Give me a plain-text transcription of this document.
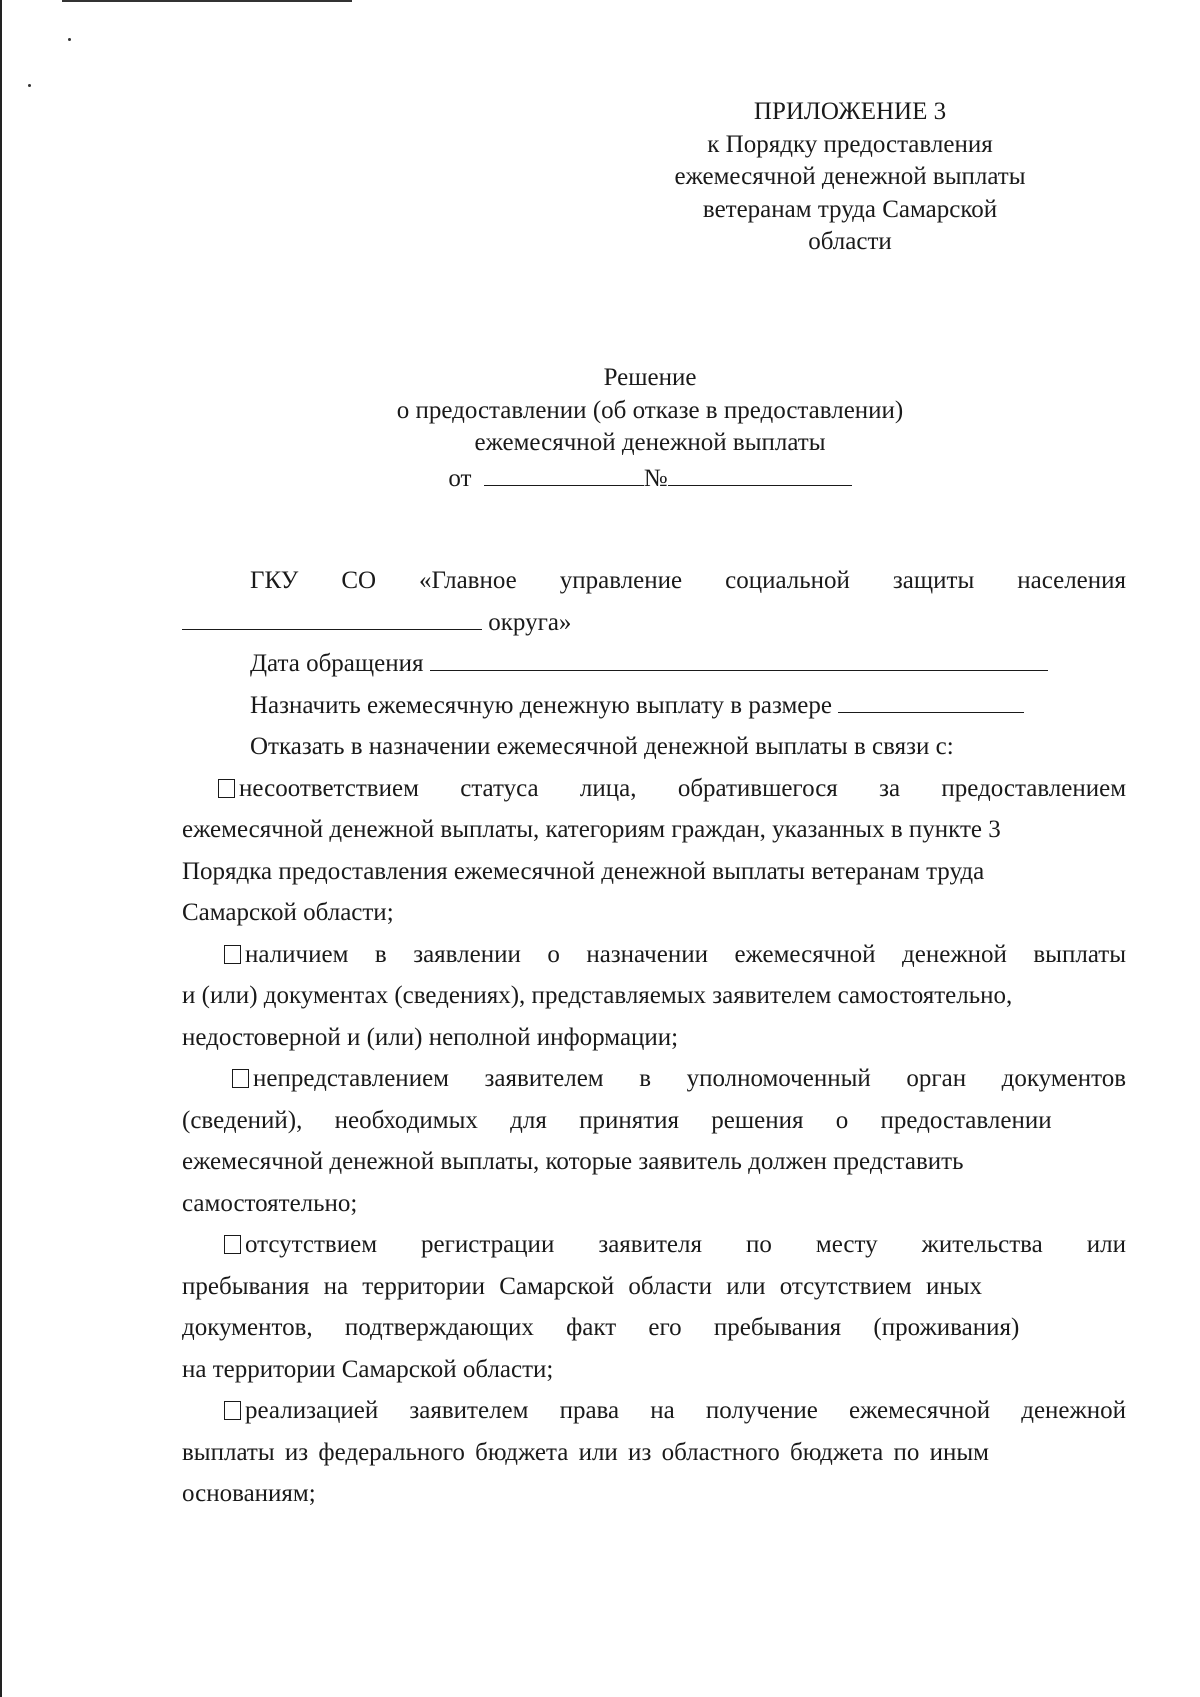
ПРИЛОЖЕНИЕ 3
к Порядку предоставления
ежемесячной денежной выплаты
ветеранам труда Самарской
области
Решение
о предоставлении (об отказе в предоставлении)
ежемесячной денежной выплаты
от	№
ГКУ СО «Главное управление социальной защиты населения
округа»
Дата обращения
Назначить ежемесячную денежную выплату в размере
Отказать в назначении ежемесячной денежной выплаты в связи с:
несоответствием статуса лица, обратившегося за предоставлением
ежемесячной денежной выплаты, категориям граждан, указанных в пункте 3
Порядка предоставления ежемесячной денежной выплаты ветеранам труда
Самарской области;
наличием в заявлении о назначении ежемесячной денежной выплаты
и (или) документах (сведениях), представляемых заявителем самостоятельно,
недостоверной и (или) неполной информации;
непредставлением заявителем в уполномоченный орган документов
(сведений), необходимых для принятия решения о предоставлении
ежемесячной денежной выплаты, которые заявитель должен представить
самостоятельно;
отсутствием регистрации заявителя по месту жительства или
пребывания на территории Самарской области или отсутствием иных
документов, подтверждающих факт его пребывания (проживания)
на территории Самарской области;
реализацией заявителем права на получение ежемесячной денежной
выплаты из федерального бюджета или из областного бюджета по иным
основаниям;
